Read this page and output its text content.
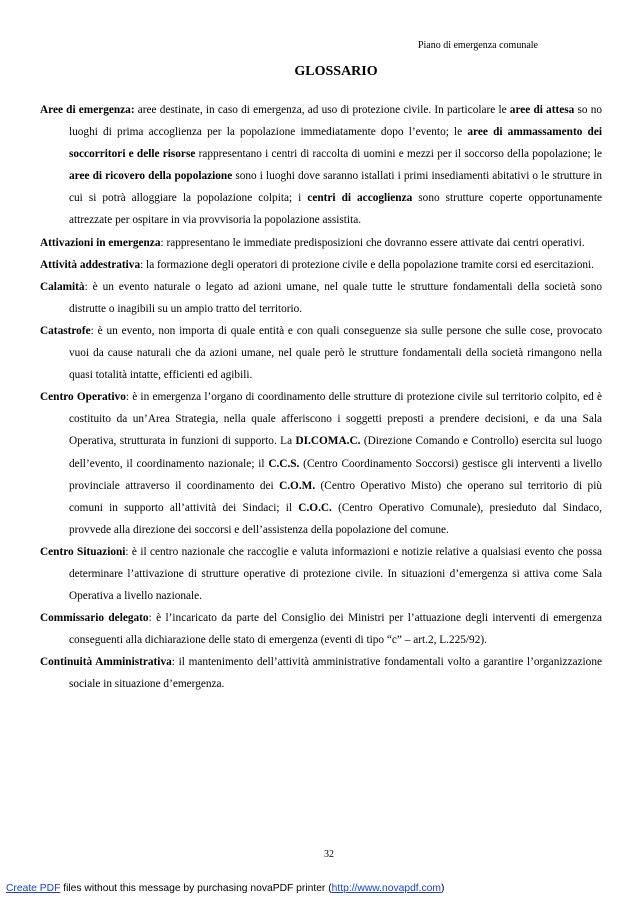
Piano di emergenza comunale
GLOSSARIO

Aree di emergenza: aree destinate, in caso di emergenza, ad uso di protezione civile. In particolare le aree di attesa so no luoghi di prima accoglienza per la popolazione immediatamente dopo l’evento; le aree di ammassamento dei soccorritori e delle risorse rappresentano i centri di raccolta di uomini e mezzi per il soccorso della popolazione; le aree di ricovero della popolazione sono i luoghi dove saranno istallati i primi insediamenti abitativi o le strutture in cui si potrà alloggiare la popolazione colpita; i centri di accoglienza sono strutture coperte opportunamente attrezzate per ospitare in via provvisoria la popolazione assistita.

Attivazioni in emergenza: rappresentano le immediate predisposizioni che dovranno essere attivate dai centri operativi.

Attività addestrativa: la formazione degli operatori di protezione civile e della popolazione tramite corsi ed esercitazioni.

Calamità: è un evento naturale o legato ad azioni umane, nel quale tutte le strutture fondamentali della società sono distrutte o inagibili su un ampio tratto del territorio.

Catastrofe: è un evento, non importa di quale entità e con quali conseguenze sia sulle persone che sulle cose, provocato vuoi da cause naturali che da azioni umane, nel quale però le strutture fondamentali della società rimangono nella quasi totalità intatte, efficienti ed agibili.

Centro Operativo: è in emergenza l’organo di coordinamento delle strutture di protezione civile sul territorio colpito, ed è costituito da un’Area Strategia, nella quale afferiscono i soggetti preposti a prendere decisioni, e da una Sala Operativa, strutturata in funzioni di supporto. La DI.COMA.C. (Direzione Comando e Controllo) esercita sul luogo dell’evento, il coordinamento nazionale; il C.C.S. (Centro Coordinamento Soccorsi) gestisce gli interventi a livello provinciale attraverso il coordinamento dei C.O.M. (Centro Operativo Misto) che operano sul territorio di più comuni in supporto all’attività dei Sindaci; il C.O.C. (Centro Operativo Comunale), presieduto dal Sindaco, provvede alla direzione dei soccorsi e dell’assistenza della popolazione del comune.

Centro Situazioni: è il centro nazionale che raccoglie e valuta informazioni e notizie relative a qualsiasi evento che possa determinare l’attivazione di strutture operative di protezione civile. In situazioni d’emergenza si attiva come Sala Operativa a livello nazionale.

Commissario delegato: è l’incaricato da parte del Consiglio dei Ministri per l’attuazione degli interventi di emergenza conseguenti alla dichiarazione delle stato di emergenza (eventi di tipo “c” – art.2, L.225/92).

Continuità Amministrativa: il mantenimento dell’attività amministrative fondamentali volto a garantire l’organizzazione sociale in situazione d’emergenza.

32
Create PDF files without this message by purchasing novaPDF printer (http://www.novapdf.com)
